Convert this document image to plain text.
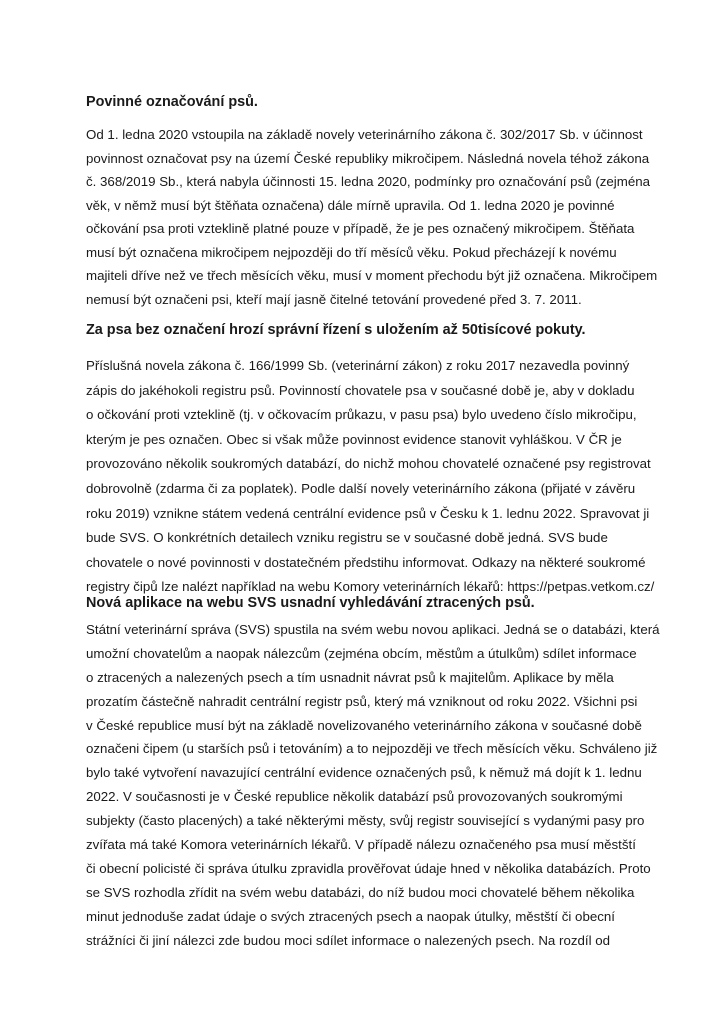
Povinné označování psů.
Od 1. ledna 2020 vstoupila na základě novely veterinárního zákona č. 302/2017 Sb. v účinnost
povinnost označovat psy na území České republiky mikročipem. Následná novela téhož zákona
č. 368/2019 Sb., která nabyla účinnosti 15. ledna 2020, podmínky pro označování psů (zejména
věk, v němž musí být štěňata označena) dále mírně upravila. Od 1. ledna 2020 je povinné
očkování psa proti vzteklině platné pouze v případě, že je pes označený mikročipem. Štěňata
musí být označena mikročipem nejpozději do tří měsíců věku. Pokud přecházejí k novému
majiteli dříve než ve třech měsících věku, musí v moment přechodu být již označena. Mikročipem
nemusí být označeni psi, kteří mají jasně čitelné tetování provedené před 3. 7. 2011.
Za psa bez označení hrozí správní řízení s uložením až 50tisícové pokuty.
Příslušná novela zákona č. 166/1999 Sb. (veterinární zákon) z roku 2017 nezavedla povinný
zápis do jakéhokoli registru psů. Povinností chovatele psa v současné době je, aby v dokladu
o očkování proti vzteklině (tj. v očkovacím průkazu, v pasu psa) bylo uvedeno číslo mikročipu,
kterým je pes označen. Obec si však může povinnost evidence stanovit vyhláškou. V ČR je
provozováno několik soukromých databází, do nichž mohou chovatelé označené psy registrovat
dobrovolně (zdarma či za poplatek). Podle další novely veterinárního zákona (přijaté v závěru
roku 2019) vznikne státem vedená centrální evidence psů v Česku k 1. lednu 2022. Spravovat ji
bude SVS. O konkrétních detailech vzniku registru se v současné době jedná. SVS bude
chovatele o nové povinnosti v dostatečném předstihu informovat. Odkazy na některé soukromé
registry čipů lze nalézt například na webu Komory veterinárních lékařů: https://petpas.vetkom.cz/
Nová aplikace na webu SVS usnadní vyhledávání ztracených psů.
Státní veterinární správa (SVS) spustila na svém webu novou aplikaci. Jedná se o databázi, která
umožní chovatelům a naopak nálezcům (zejména obcím, městům a útulkům) sdílet informace
o ztracených a nalezených psech a tím usnadnit návrat psů k majitelům. Aplikace by měla
prozatím částečně nahradit centrální registr psů, který má vzniknout od roku 2022. Všichni psi
v České republice musí být na základě novelizovaného veterinárního zákona v současné době
označeni čipem (u starších psů i tetováním) a to nejpozději ve třech měsících věku. Schváleno již
bylo také vytvoření navazující centrální evidence označených psů, k němuž má dojít k 1. lednu
2022. V současnosti je v České republice několik databází psů provozovaných soukromými
subjekty (často placených) a také některými městy, svůj registr související s vydanými pasy pro
zvířata má také Komora veterinárních lékařů. V případě nálezu označeného psa musí městští
či obecní policisté či správa útulku zpravidla prověřovat údaje hned v několika databázích. Proto
se SVS rozhodla zřídit na svém webu databázi, do níž budou moci chovatelé během několika
minut jednoduše zadat údaje o svých ztracených psech a naopak útulky, městští či obecní
strážníci či jiní nálezci zde budou moci sdílet informace o nalezených psech. Na rozdíl od
